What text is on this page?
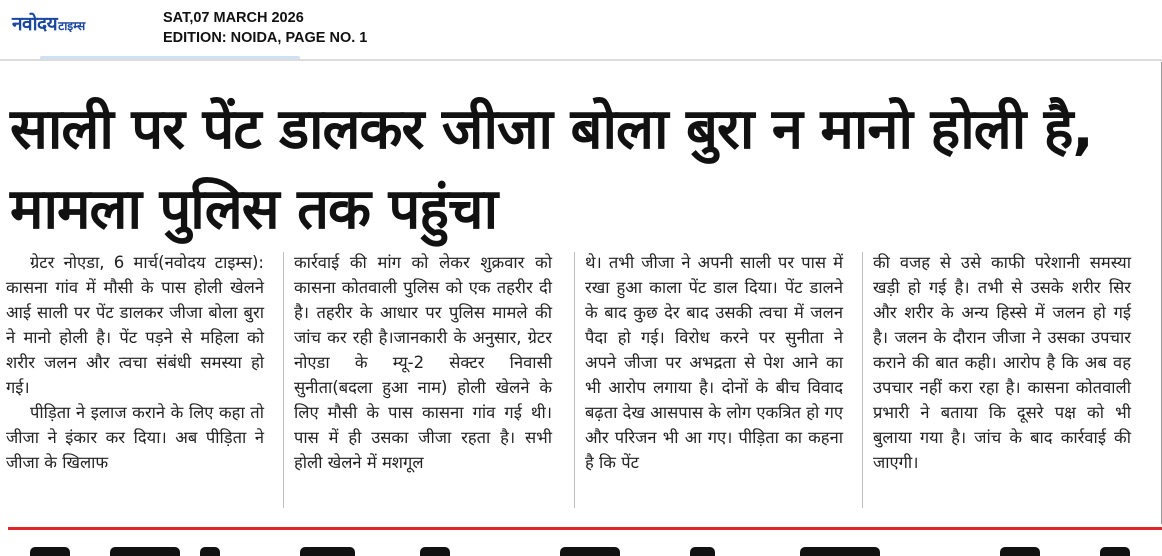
नवोदय टाइम्स	SAT,07 MARCH 2026
EDITION: NOIDA, PAGE NO. 1
साली पर पेंट डालकर जीजा बोला बुरा न मानो होली है, मामला पुलिस तक पहुंचा

ग्रेटर नोएडा, 6 मार्च(नवोदय टाइम्स): कासना गांव में मौसी के पास होली खेलने आई साली पर पेंट डालकर जीजा बोला बुरा ने मानो होली है। पेंट पड़ने से महिला को शरीर जलन और त्वचा संबंधी समस्या हो गई।

पीड़िता ने इलाज कराने के लिए कहा तो जीजा ने इंकार कर दिया। अब पीड़िता ने जीजा के खिलाफ

कार्रवाई की मांग को लेकर शुक्रवार को कासना कोतवाली पुलिस को एक तहरीर दी है। तहरीर के आधार पर पुलिस मामले की जांच कर रही है।जानकारी के अनुसार, ग्रेटर नोएडा के म्यू-2 सेक्टर निवासी सुनीता(बदला हुआ नाम) होली खेलने के लिए मौसी के पास कासना गांव गई थी। पास में ही उसका जीजा रहता है। सभी होली खेलने में मशगूल

थे। तभी जीजा ने अपनी साली पर पास में रखा हुआ काला पेंट डाल दिया। पेंट डालने के बाद कुछ देर बाद उसकी त्वचा में जलन पैदा हो गई। विरोध करने पर सुनीता ने अपने जीजा पर अभद्रता से पेश आने का भी आरोप लगाया है। दोनों के बीच विवाद बढ़ता देख आसपास के लोग एकत्रित हो गए और परिजन भी आ गए। पीड़िता का कहना है कि पेंट

की वजह से उसे काफी परेशानी समस्या खड़ी हो गई है। तभी से उसके शरीर सिर और शरीर के अन्य हिस्से में जलन हो गई है। जलन के दौरान जीजा ने उसका उपचार कराने की बात कही। आरोप है कि अब वह उपचार नहीं करा रहा है। कासना कोतवाली प्रभारी ने बताया कि दूसरे पक्ष को भी बुलाया गया है। जांच के बाद कार्रवाई की जाएगी।
